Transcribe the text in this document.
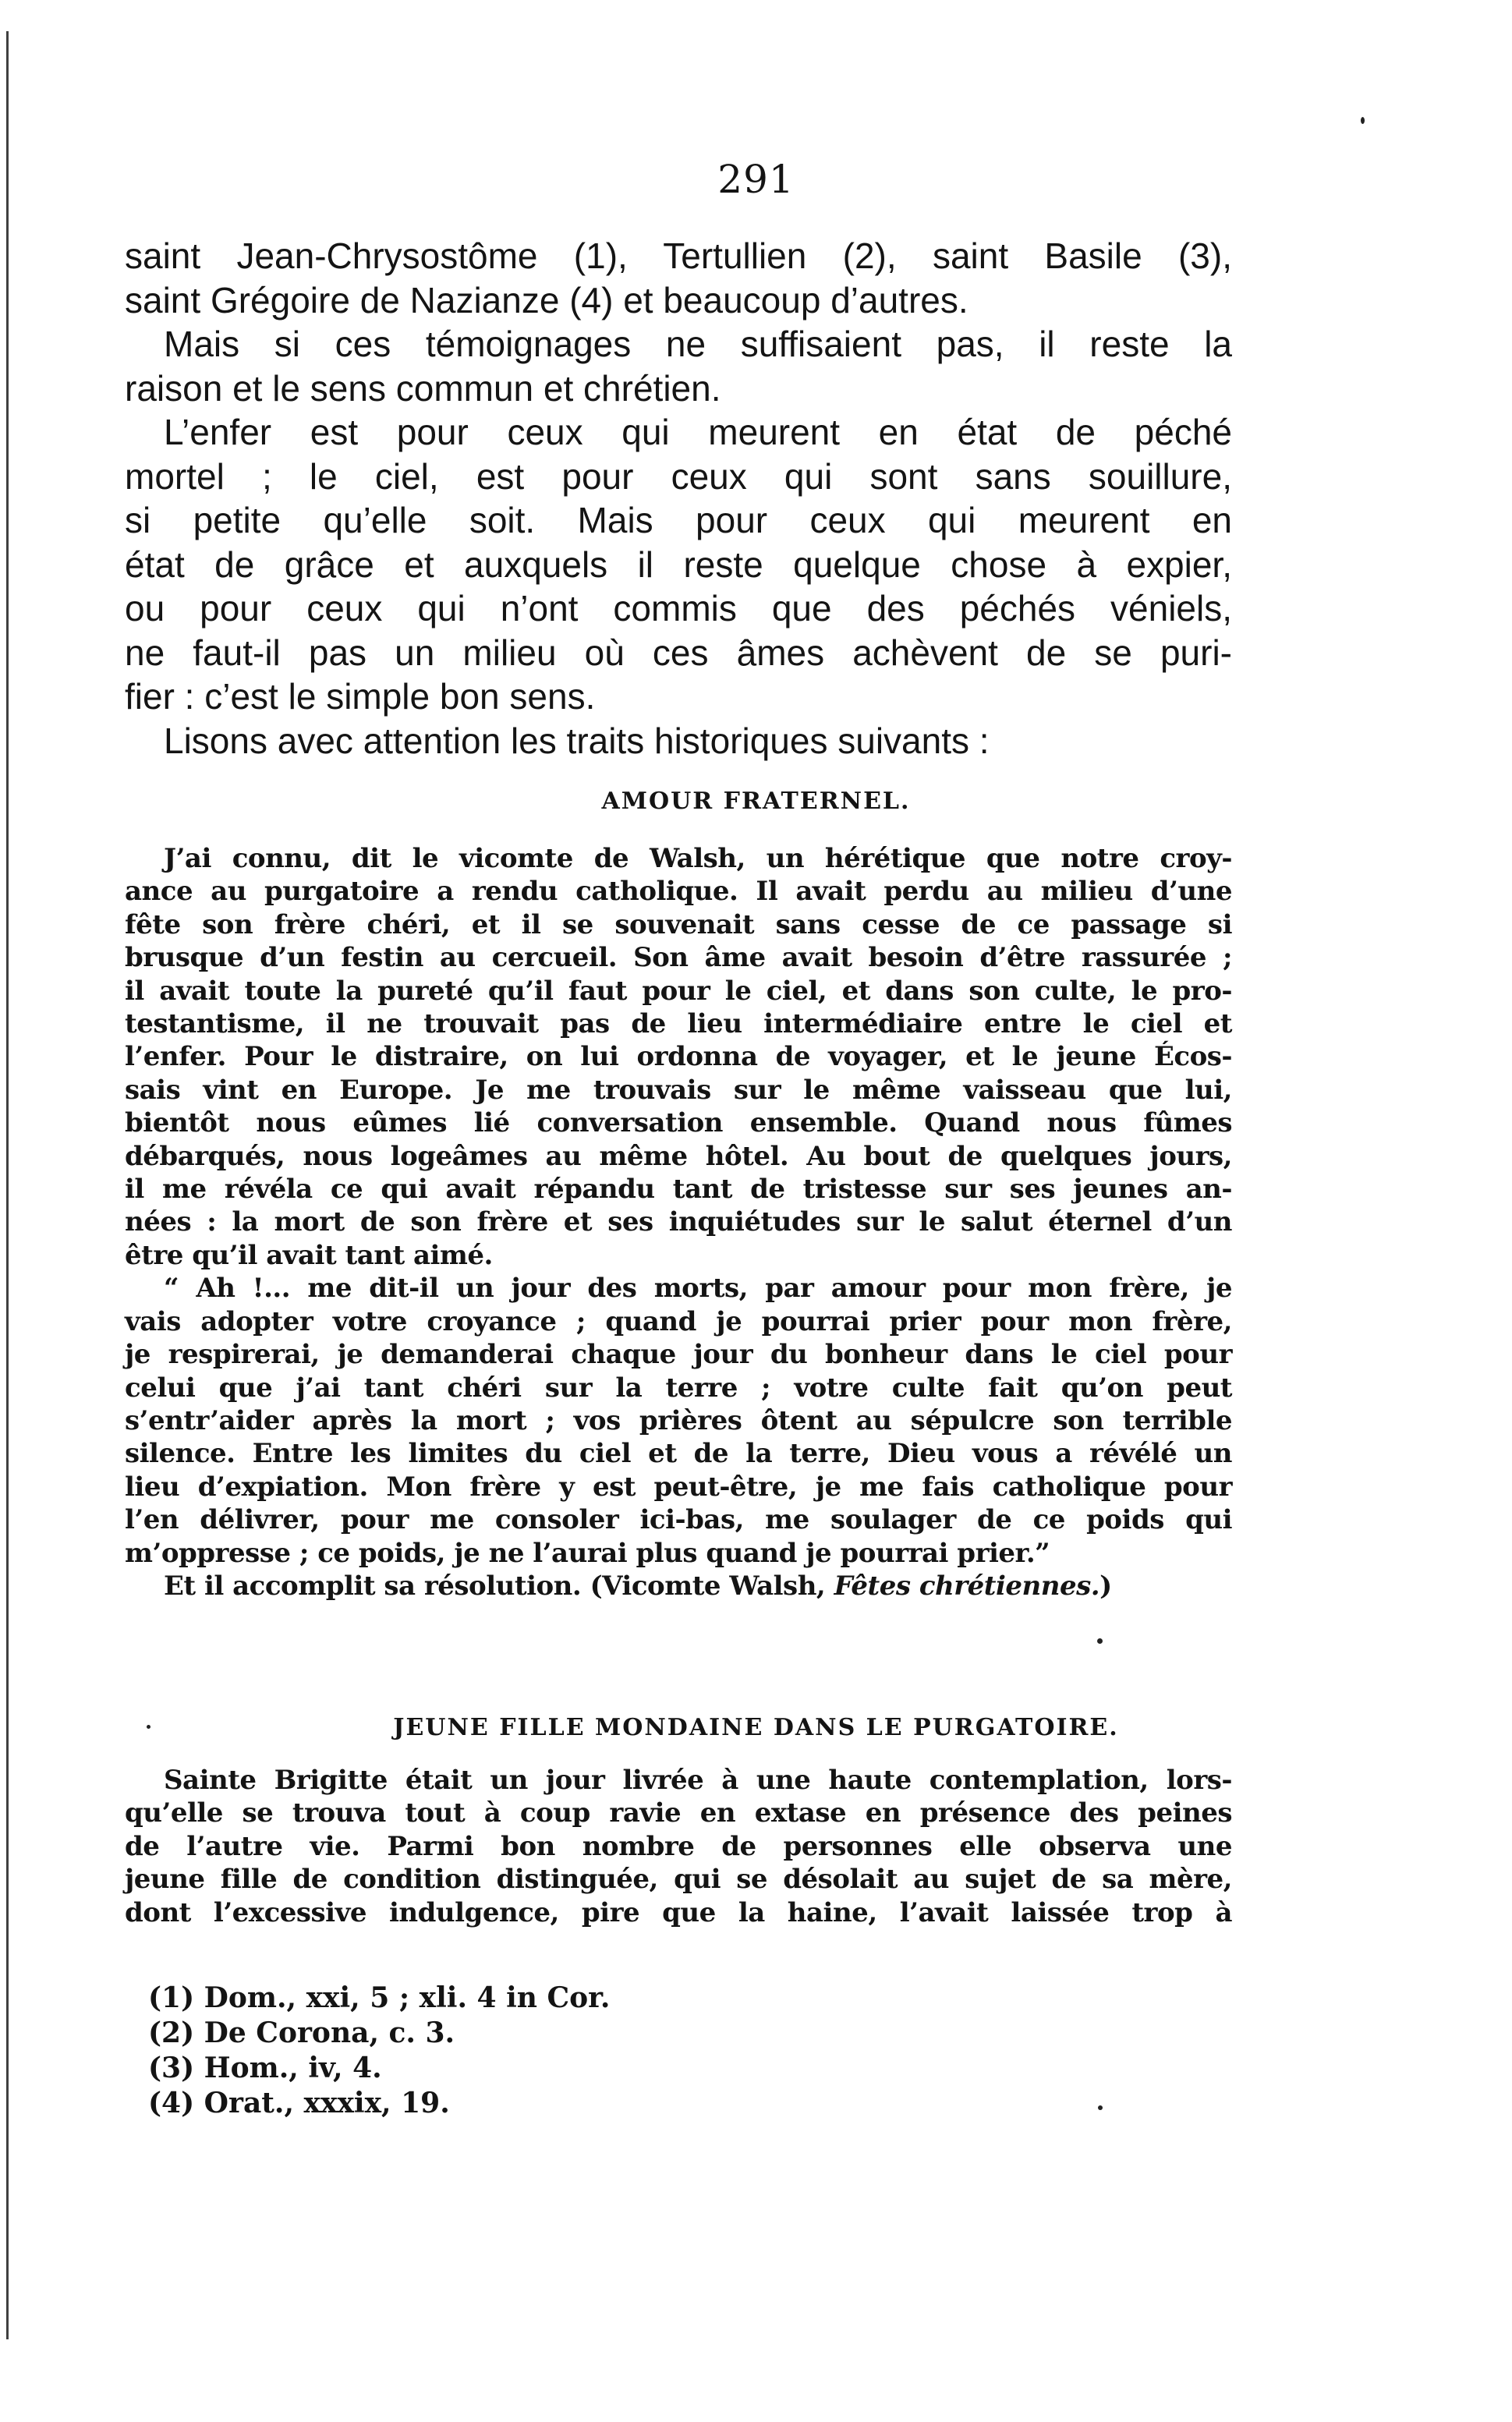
291
saint Jean-Chrysostôme (1), Tertullien (2), saint Basile (3),
saint Grégoire de Nazianze (4) et beaucoup d’autres.
Mais si ces témoignages ne suffisaient pas, il reste la
raison et le sens commun et chrétien.
L’enfer est pour ceux qui meurent en état de péché
mortel ; le ciel, est pour ceux qui sont sans souillure,
si petite qu’elle soit. Mais pour ceux qui meurent en
état de grâce et auxquels il reste quelque chose à expier,
ou pour ceux qui n’ont commis que des péchés véniels,
ne faut-il pas un milieu où ces âmes achèvent de se puri-
fier : c’est le simple bon sens.
Lisons avec attention les traits historiques suivants :
AMOUR FRATERNEL.
J’ai connu, dit le vicomte de Walsh, un hérétique que notre croy-
ance au purgatoire a rendu catholique. Il avait perdu au milieu d’une
fête son frère chéri, et il se souvenait sans cesse de ce passage si
brusque d’un festin au cercueil. Son âme avait besoin d’être rassurée ;
il avait toute la pureté qu’il faut pour le ciel, et dans son culte, le pro-
testantisme, il ne trouvait pas de lieu intermédiaire entre le ciel et
l’enfer. Pour le distraire, on lui ordonna de voyager, et le jeune Écos-
sais vint en Europe. Je me trouvais sur le même vaisseau que lui,
bientôt nous eûmes lié conversation ensemble. Quand nous fûmes
débarqués, nous logeâmes au même hôtel. Au bout de quelques jours,
il me révéla ce qui avait répandu tant de tristesse sur ses jeunes an-
nées : la mort de son frère et ses inquiétudes sur le salut éternel d’un
être qu’il avait tant aimé.
“ Ah !... me dit-il un jour des morts, par amour pour mon frère, je
vais adopter votre croyance ; quand je pourrai prier pour mon frère,
je respirerai, je demanderai chaque jour du bonheur dans le ciel pour
celui que j’ai tant chéri sur la terre ; votre culte fait qu’on peut
s’entr’aider après la mort ; vos prières ôtent au sépulcre son terrible
silence. Entre les limites du ciel et de la terre, Dieu vous a révélé un
lieu d’expiation. Mon frère y est peut-être, je me fais catholique pour
l’en délivrer, pour me consoler ici-bas, me soulager de ce poids qui
m’oppresse ; ce poids, je ne l’aurai plus quand je pourrai prier.”
Et il accomplit sa résolution. (Vicomte Walsh, Fêtes chrétiennes.)
JEUNE FILLE MONDAINE DANS LE PURGATOIRE.
Sainte Brigitte était un jour livrée à une haute contemplation, lors-
qu’elle se trouva tout à coup ravie en extase en présence des peines
de l’autre vie. Parmi bon nombre de personnes elle observa une
jeune fille de condition distinguée, qui se désolait au sujet de sa mère,
dont l’excessive indulgence, pire que la haine, l’avait laissée trop à
(1) Dom., xxi, 5 ; xli. 4 in Cor.
(2) De Corona, c. 3.
(3) Hom., iv, 4.
(4) Orat., xxxix, 19.
